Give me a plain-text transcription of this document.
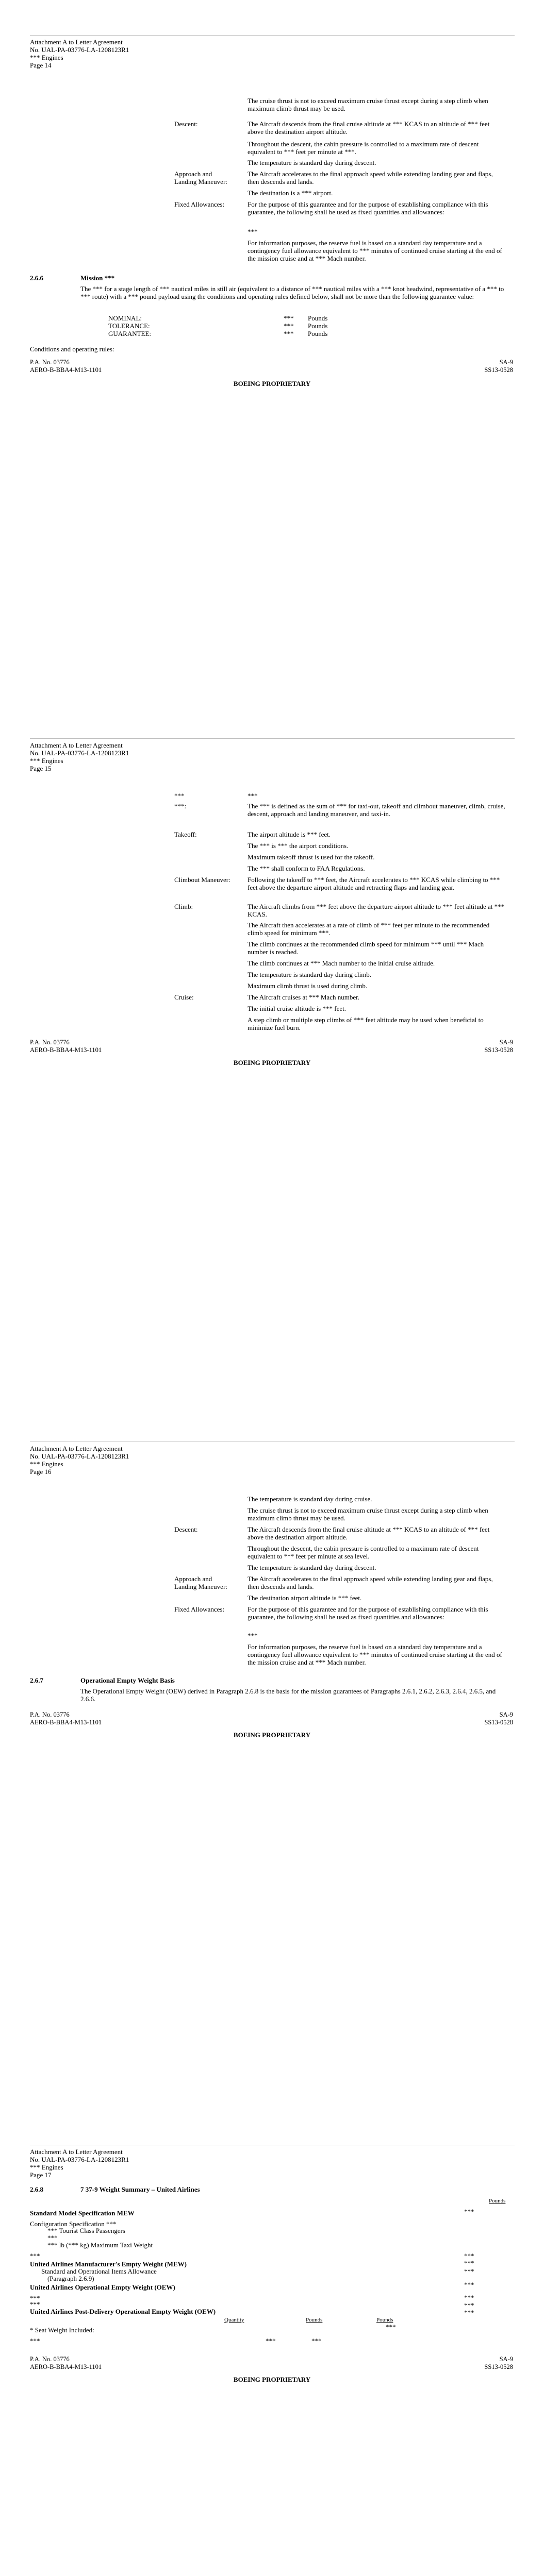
Attachment A to Letter Agreement
No. UAL-PA-03776-LA-1208123R1
*** Engines
Page 14
The cruise thrust is not to exceed maximum cruise thrust except during a step climb when maximum climb thrust may be used.
Descent:	The Aircraft descends from the final cruise altitude at *** KCAS to an altitude of *** feet above the destination airport altitude.
Throughout the descent, the cabin pressure is controlled to a maximum rate of descent equivalent to *** feet per minute at ***.
The temperature is standard day during descent.
Approach and Landing Maneuver:
The Aircraft accelerates to the final approach speed while extending landing gear and flaps, then descends and lands.
The destination is a *** airport.
Fixed Allowances:	For the purpose of this guarantee and for the purpose of establishing compliance with this guarantee, the following shall be used as fixed quantities and allowances:
***
For information purposes, the reserve fuel is based on a standard day temperature and a contingency fuel allowance equivalent to *** minutes of continued cruise starting at the end of the mission cruise and at *** Mach number.
2.6.6	Mission ***
The *** for a stage length of *** nautical miles in still air (equivalent to a distance of *** nautical miles with a *** knot headwind, representative of a *** to *** route) with a *** pound payload using the conditions and operating rules defined below, shall not be more than the following guarantee value:
NOMINAL:	*** Pounds
TOLERANCE:	*** Pounds
GUARANTEE:	*** Pounds
Conditions and operating rules:
P.A. No. 03776
AERO-B-BBA4-M13-1101
SA-9
SS13-0528
BOEING PROPRIETARY
Attachment A to Letter Agreement
No. UAL-PA-03776-LA-1208123R1
*** Engines
Page 15
***	***
***:	The *** is defined as the sum of *** for taxi-out, takeoff and climbout maneuver, climb, cruise, descent, approach and landing maneuver, and taxi-in.
Takeoff:	The airport altitude is *** feet.
The *** is *** the airport conditions.
Maximum takeoff thrust is used for the takeoff.
The *** shall conform to FAA Regulations.
Climbout Maneuver:	Following the takeoff to *** feet, the Aircraft accelerates to *** KCAS while climbing to *** feet above the departure airport altitude and retracting flaps and landing gear.
Climb:	The Aircraft climbs from *** feet above the departure airport altitude to *** feet altitude at *** KCAS.
The Aircraft then accelerates at a rate of climb of *** feet per minute to the recommended climb speed for minimum ***.
The climb continues at the recommended climb speed for minimum *** until *** Mach number is reached.
The climb continues at *** Mach number to the initial cruise altitude.
The temperature is standard day during climb.
Maximum climb thrust is used during climb.
Cruise:	The Aircraft cruises at *** Mach number.
The initial cruise altitude is *** feet.
A step climb or multiple step climbs of *** feet altitude may be used when beneficial to minimize fuel burn.
P.A. No. 03776
AERO-B-BBA4-M13-1101
SA-9
SS13-0528
BOEING PROPRIETARY
Attachment A to Letter Agreement
No. UAL-PA-03776-LA-1208123R1
*** Engines
Page 16
The temperature is standard day during cruise.
The cruise thrust is not to exceed maximum cruise thrust except during a step climb when maximum climb thrust may be used.
Descent:	The Aircraft descends from the final cruise altitude at *** KCAS to an altitude of *** feet above the destination airport altitude.
Throughout the descent, the cabin pressure is controlled to a maximum rate of descent equivalent to *** feet per minute at sea level.
The temperature is standard day during descent.
Approach and Landing Maneuver:
The Aircraft accelerates to the final approach speed while extending landing gear and flaps, then descends and lands.
The destination airport altitude is *** feet.
Fixed Allowances:	For the purpose of this guarantee and for the purpose of establishing compliance with this guarantee, the following shall be used as fixed quantities and allowances:
***
For information purposes, the reserve fuel is based on a standard day temperature and a contingency fuel allowance equivalent to *** minutes of continued cruise starting at the end of the mission cruise and at *** Mach number.
2.6.7	Operational Empty Weight Basis
The Operational Empty Weight (OEW) derived in Paragraph 2.6.8 is the basis for the mission guarantees of Paragraphs 2.6.1, 2.6.2, 2.6.3, 2.6.4, 2.6.5, and 2.6.6.
P.A. No. 03776
AERO-B-BBA4-M13-1101
SA-9
SS13-0528
BOEING PROPRIETARY
Attachment A to Letter Agreement
No. UAL-PA-03776-LA-1208123R1
*** Engines
Page 17
2.6.8	7 37-9 Weight Summary – United Airlines
Pounds
Standard Model Specification MEW	***
Configuration Specification ***
*** Tourist Class Passengers
***
*** lb (*** kg) Maximum Taxi Weight
***	***
United Airlines Manufacturer's Empty Weight (MEW)	***
Standard and Operational Items Allowance
(Paragraph 2.6.9)
***
United Airlines Operational Empty Weight (OEW)	***
***	***
***	***
United Airlines Post-Delivery Operational Empty Weight (OEW)	***
Quantity	Pounds	Pounds
* Seat Weight Included:	***
***	***	***
P.A. No. 03776
AERO-B-BBA4-M13-1101
SA-9
SS13-0528
BOEING PROPRIETARY
